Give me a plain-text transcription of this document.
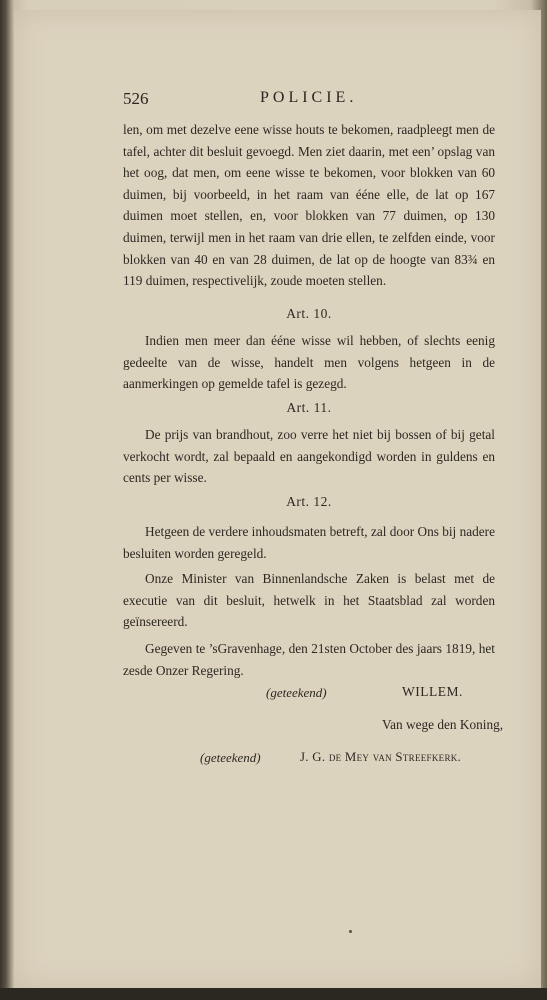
526	POLICIE.
len, om met dezelve eene wisse houts te bekomen, raadpleegt men de tafel, achter dit besluit gevoegd. Men ziet daarin, met een’ opslag van het oog, dat men, om eene wisse te bekomen, voor blokken van 60 duimen, bij voorbeeld, in het raam van ééne elle, de lat op 167 duimen moet stellen, en, voor blokken van 77 duimen, op 130 duimen, terwijl men in het raam van drie ellen, te zelfden einde, voor blokken van 40 en van 28 duimen, de lat op de hoogte van 83¾ en 119 duimen, respectivelijk, zoude moeten stellen.
Art. 10.
Indien men meer dan ééne wisse wil hebben, of slechts eenig gedeelte van de wisse, handelt men volgens hetgeen in de aanmerkingen op gemelde tafel is gezegd.
Art. 11.
De prijs van brandhout, zoo verre het niet bij bossen of bij getal verkocht wordt, zal bepaald en aangekondigd worden in guldens en cents per wisse.
Art. 12.
Hetgeen de verdere inhoudsmaten betreft, zal door Ons bij nadere besluiten worden geregeld.
Onze Minister van Binnenlandsche Zaken is belast met de executie van dit besluit, hetwelk in het Staatsblad zal worden geïnsereerd.
Gegeven te ’sGravenhage, den 21sten October des jaars 1819, het zesde Onzer Regering.
(geteekend)	WILLEM.
Van wege den Koning,
(geteekend)	J. G. de Mey van Streefkerk.
